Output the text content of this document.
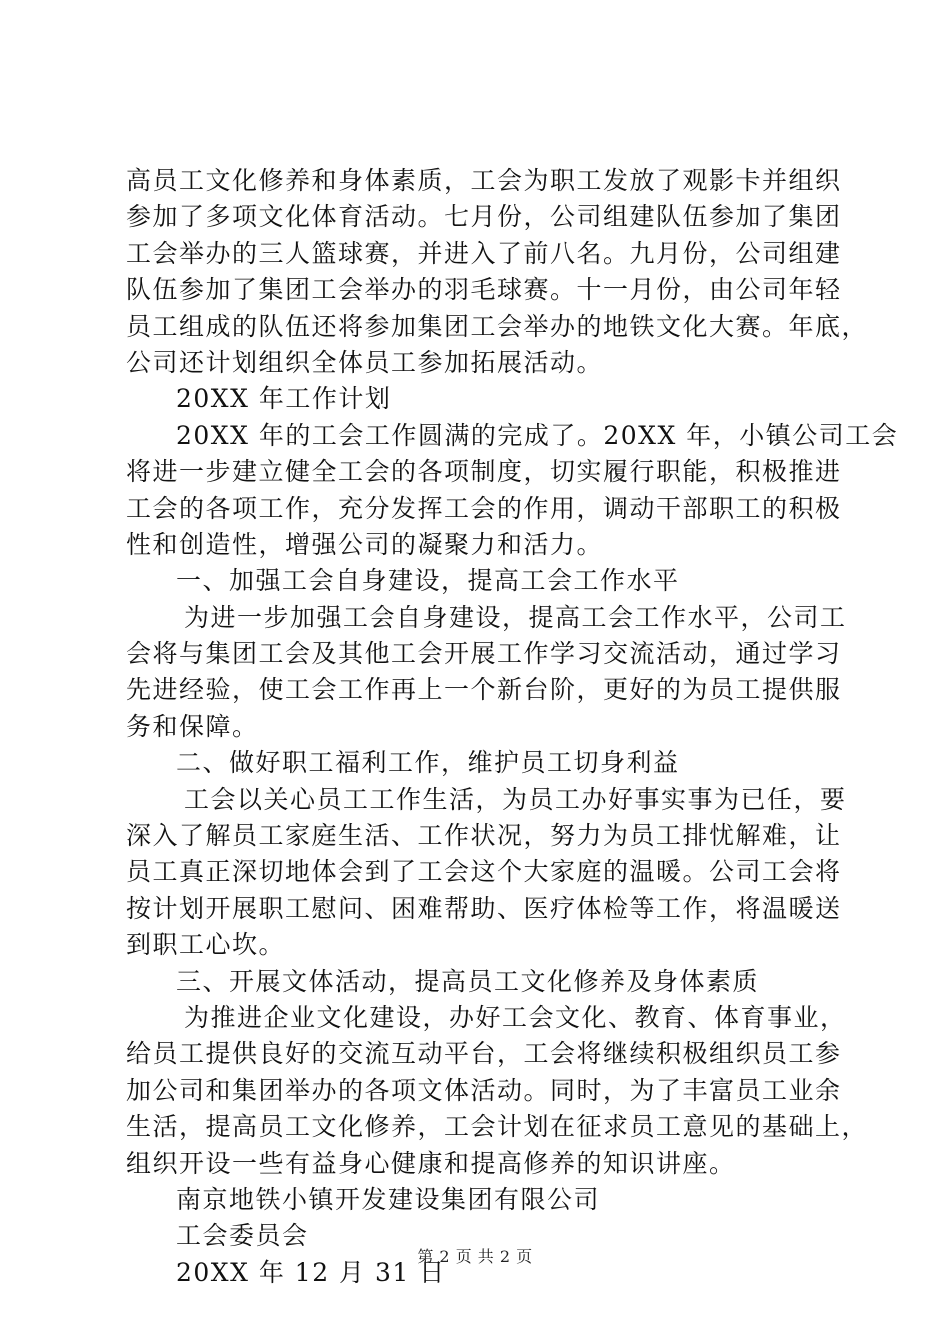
高员工文化修养和身体素质，工会为职工发放了观影卡并组织
参加了多项文化体育活动。七月份，公司组建队伍参加了集团
工会举办的三人篮球赛，并进入了前八名。九月份，公司组建
队伍参加了集团工会举办的羽毛球赛。十一月份，由公司年轻
员工组成的队伍还将参加集团工会举办的地铁文化大赛。年底，
公司还计划组织全体员工参加拓展活动。
20XX 年工作计划
20XX 年的工会工作圆满的完成了。20XX 年，小镇公司工会
将进一步建立健全工会的各项制度，切实履行职能，积极推进
工会的各项工作，充分发挥工会的作用，调动干部职工的积极
性和创造性，增强公司的凝聚力和活力。
一、加强工会自身建设，提高工会工作水平
为进一步加强工会自身建设，提高工会工作水平，公司工
会将与集团工会及其他工会开展工作学习交流活动，通过学习
先进经验，使工会工作再上一个新台阶，更好的为员工提供服
务和保障。
二、做好职工福利工作，维护员工切身利益
工会以关心员工工作生活，为员工办好事实事为已任，要
深入了解员工家庭生活、工作状况，努力为员工排忧解难，让
员工真正深切地体会到了工会这个大家庭的温暖。公司工会将
按计划开展职工慰问、困难帮助、医疗体检等工作，将温暖送
到职工心坎。
三、开展文体活动，提高员工文化修养及身体素质
为推进企业文化建设，办好工会文化、教育、体育事业，
给员工提供良好的交流互动平台，工会将继续积极组织员工参
加公司和集团举办的各项文体活动。同时，为了丰富员工业余
生活，提高员工文化修养，工会计划在征求员工意见的基础上，
组织开设一些有益身心健康和提高修养的知识讲座。
南京地铁小镇开发建设集团有限公司
工会委员会
20XX 年 12 月 31 日
第 2 页 共 2 页
